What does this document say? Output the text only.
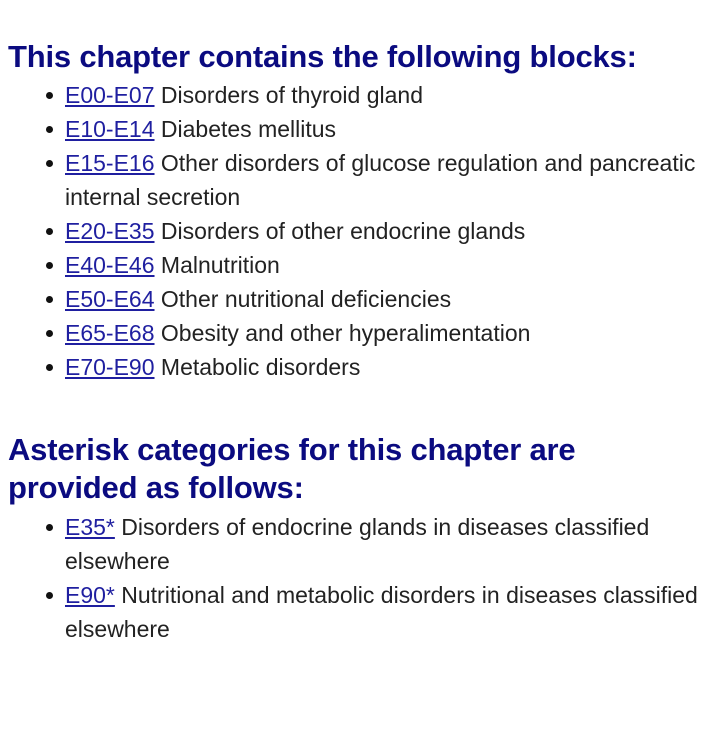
This chapter contains the following blocks:
E00-E07 Disorders of thyroid gland
E10-E14 Diabetes mellitus
E15-E16 Other disorders of glucose regulation and pancreatic internal secretion
E20-E35 Disorders of other endocrine glands
E40-E46 Malnutrition
E50-E64 Other nutritional deficiencies
E65-E68 Obesity and other hyperalimentation
E70-E90 Metabolic disorders
Asterisk categories for this chapter are provided as follows:
E35* Disorders of endocrine glands in diseases classified elsewhere
E90* Nutritional and metabolic disorders in diseases classified elsewhere
